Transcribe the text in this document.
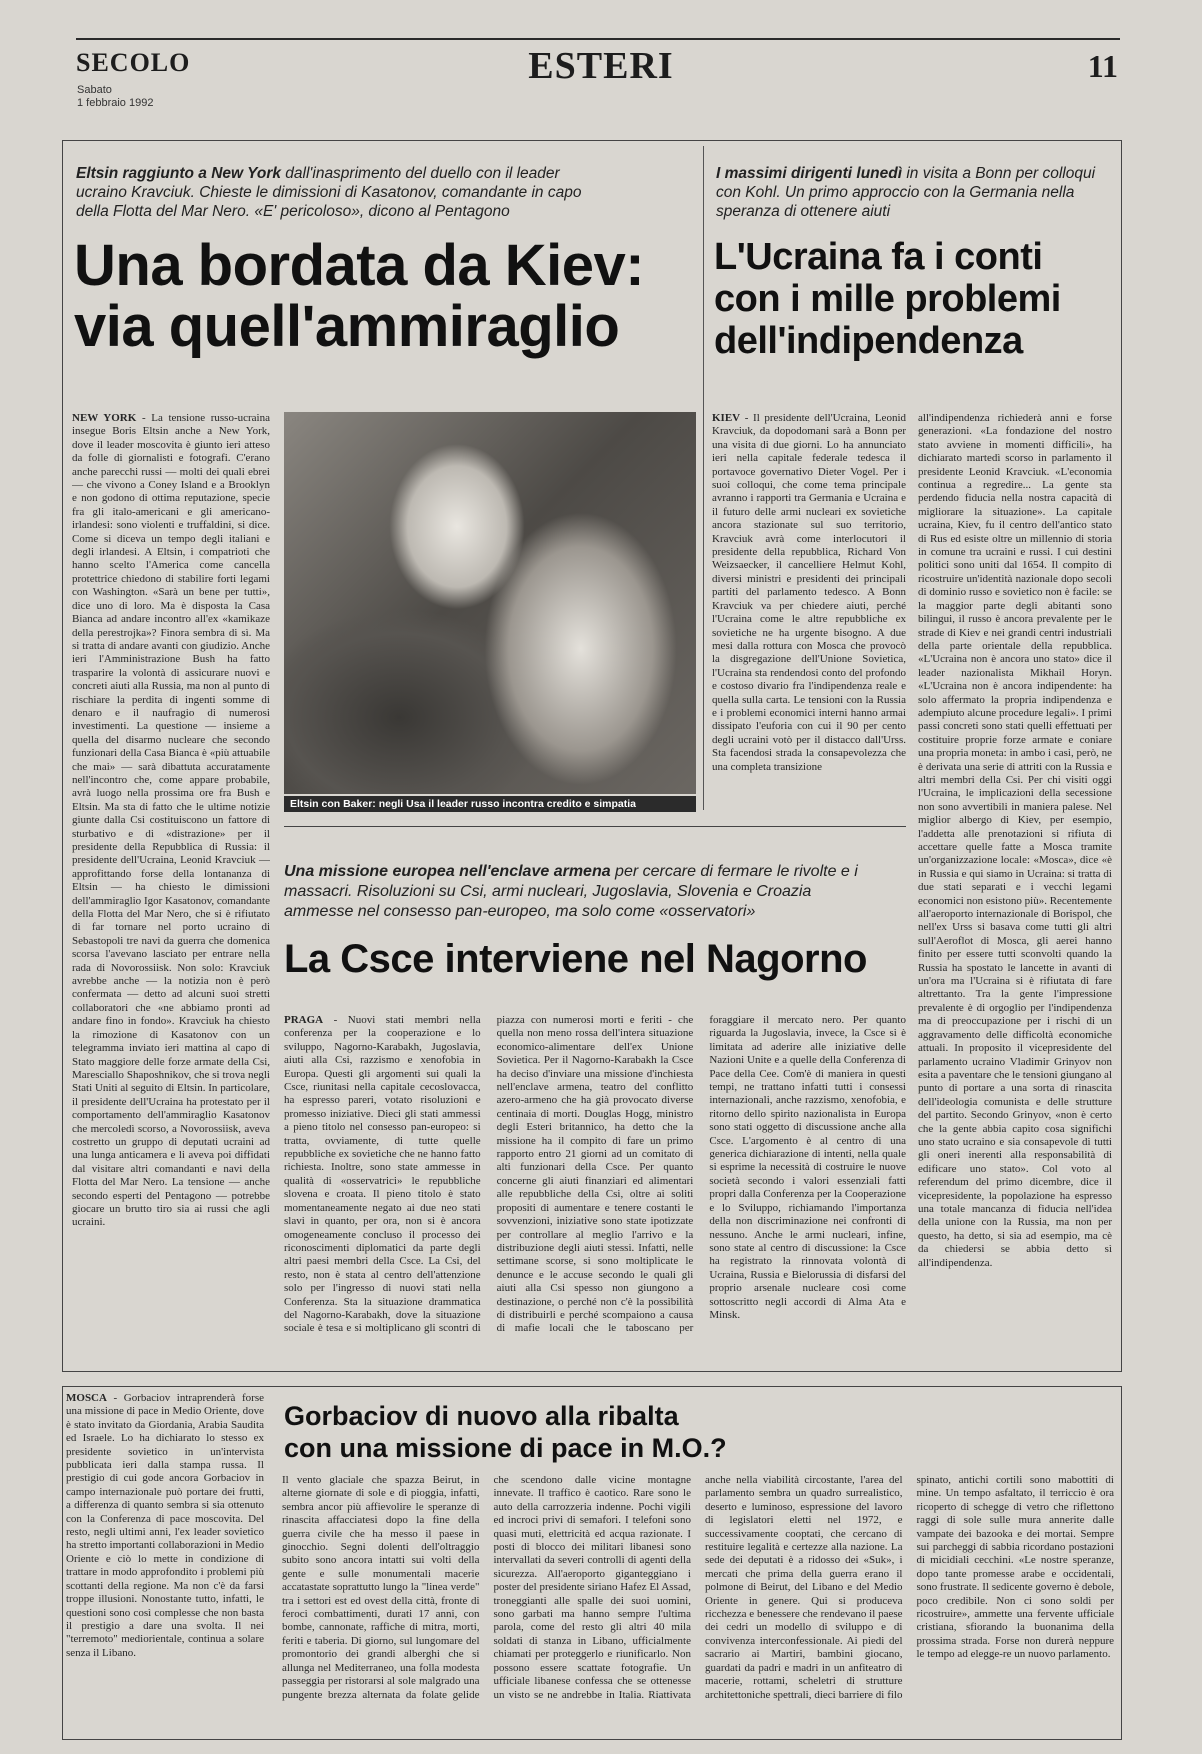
SECOLO
Sabato
1 febbraio 1992
ESTERI	11
Eltsin raggiunto a New York dall'inasprimento del duello con il leader ucraino Kravciuk. Chieste le dimissioni di Kasatonov, comandante in capo della Flotta del Mar Nero. «E' pericoloso», dicono al Pentagono
Una bordata da Kiev:
via quell'ammiraglio
NEW YORK - La tensione russo-ucraina insegue Boris Eltsin anche a New York, dove il leader moscovita è giunto ieri atteso da folle di giornalisti e fotografi. C'erano anche parecchi russi — molti dei quali ebrei — che vivono a Coney Island e a Brooklyn e non godono di ottima reputazione, specie fra gli italo-americani e gli americano-irlandesi: sono violenti e truffaldini, si dice. Come si diceva un tempo degli italiani e degli irlandesi. A Eltsin, i compatrioti che hanno scelto l'America come cancella protettrice chiedono di stabilire forti legami con Washington. «Sarà un bene per tutti», dice uno di loro. Ma è disposta la Casa Bianca ad andare incontro all'ex «kamikaze della perestrojka»? Finora sembra di sì. Ma si tratta di andare avanti con giudizio. Anche ieri l'Amministrazione Bush ha fatto trasparire la volontà di assicurare nuovi e concreti aiuti alla Russia, ma non al punto di rischiare la perdita di ingenti somme di denaro e il naufragio di numerosi investimenti. La questione — insieme a quella del disarmo nucleare che secondo funzionari della Casa Bianca è «più attuabile che mai» — sarà dibattuta accuratamente nell'incontro che, come appare probabile, avrà luogo nella prossima ore fra Bush e Eltsin. Ma sta di fatto che le ultime notizie giunte dalla Csi costituiscono un fattore di sturbativo e di «distrazione» per il presidente della Repubblica di Russia: il presidente dell'Ucraina, Leonid Kravciuk — approfittando forse della lontananza di Eltsin — ha chiesto le dimissioni dell'ammiraglio Igor Kasatonov, comandante della Flotta del Mar Nero, che si è rifiutato di far tornare nel porto ucraino di Sebastopoli tre navi da guerra che domenica scorsa l'avevano lasciato per entrare nella rada di Novorossiisk. Non solo: Kravciuk avrebbe anche — la notizia non è però confermata — detto ad alcuni suoi stretti collaboratori che «ne abbiamo pronti ad andare fino in fondo». Kravciuk ha chiesto la rimozione di Kasatonov con un telegramma inviato ieri mattina al capo di Stato maggiore delle forze armate della Csi, Maresciallo Shaposhnikov, che si trova negli Stati Uniti al seguito di Eltsin. In particolare, il presidente dell'Ucraina ha protestato per il comportamento dell'ammiraglio Kasatonov che mercoledì scorso, a Novorossiisk, aveva costretto un gruppo di deputati ucraini ad una lunga anticamera e li aveva poi diffidati dal visitare altri comandanti e navi della Flotta del Mar Nero. La tensione — anche secondo esperti del Pentagono — potrebbe giocare un brutto tiro sia ai russi che agli ucraini.
Eltsin con Baker: negli Usa il leader russo incontra credito e simpatia
I massimi dirigenti lunedì in visita a Bonn per colloqui con Kohl. Un primo approccio con la Germania nella speranza di ottenere aiuti
L'Ucraina fa i conti
con i mille problemi
dell'indipendenza
KIEV - Il presidente dell'Ucraina, Leonid Kravciuk, da dopodomani sarà a Bonn per una visita di due giorni. Lo ha annunciato ieri nella capitale federale tedesca il portavoce governativo Dieter Vogel. Per i suoi colloqui, che come tema principale avranno i rapporti tra Germania e Ucraina e il futuro delle armi nucleari ex sovietiche ancora stazionate sul suo territorio, Kravciuk avrà come interlocutori il presidente della repubblica, Richard Von Weizsaecker, il cancelliere Helmut Kohl, diversi ministri e presidenti dei principali partiti del parlamento tedesco. A Bonn Kravciuk va per chiedere aiuti, perché l'Ucraina come le altre repubbliche ex sovietiche ne ha urgente bisogno. A due mesi dalla rottura con Mosca che provocò la disgregazione dell'Unione Sovietica, l'Ucraina sta rendendosi conto del profondo e costoso divario fra l'indipendenza reale e quella sulla carta. Le tensioni con la Russia e i problemi economici interni hanno armai dissipato l'euforia con cui il 90 per cento degli ucraini votò per il distacco dall'Urss. Sta facendosi strada la consapevolezza che una completa transizione
all'indipendenza richiederà anni e forse generazioni. «La fondazione del nostro stato avviene in momenti difficili», ha dichiarato martedì scorso in parlamento il presidente Leonid Kravciuk. «L'economia continua a regredire... La gente sta perdendo fiducia nella nostra capacità di migliorare la situazione». La capitale ucraina, Kiev, fu il centro dell'antico stato di Rus ed esiste oltre un millennio di storia in comune tra ucraini e russi. I cui destini politici sono uniti dal 1654. Il compito di ricostruire un'identità nazionale dopo secoli di dominio russo e sovietico non è facile: se la maggior parte degli abitanti sono bilingui, il russo è ancora prevalente per le strade di Kiev e nei grandi centri industriali della parte orientale della repubblica. «L'Ucraina non è ancora uno stato» dice il leader nazionalista Mikhail Horyn. «L'Ucraina non è ancora indipendente: ha solo affermato la propria indipendenza e adempiuto alcune procedure legali». I primi passi concreti sono stati quelli effettuati per costituire proprie forze armate e coniare una propria moneta: in ambo i casi, però, ne è derivata una serie di attriti con la Russia e altri membri della Csi. Per chi visiti oggi l'Ucraina, le implicazioni della secessione non sono avvertibili in maniera palese. Nel miglior albergo di Kiev, per esempio, l'addetta alle prenotazioni si rifiuta di accettare quelle fatte a Mosca tramite un'organizzazione locale: «Mosca», dice «è in Russia e qui siamo in Ucraina: si tratta di due stati separati e i vecchi legami economici non esistono più». Recentemente all'aeroporto internazionale di Borispol, che nell'ex Urss si basava come tutti gli altri sull'Aeroflot di Mosca, gli aerei hanno finito per essere tutti sconvolti quando la Russia ha spostato le lancette in avanti di un'ora ma l'Ucraina si è rifiutata di fare altrettanto. Tra la gente l'impressione prevalente è di orgoglio per l'indipendenza ma di preoccupazione per i rischi di un aggravamento delle difficoltà economiche attuali. In proposito il vicepresidente del parlamento ucraino Vladimir Grinyov non esita a paventare che le tensioni giungano al punto di portare a una sorta di rinascita dell'ideologia comunista e delle strutture del partito. Secondo Grinyov, «non è certo che la gente abbia capito cosa significhi uno stato ucraino e sia consapevole di tutti gli oneri inerenti alla responsabilità di edificare uno stato». Col voto al referendum del primo dicembre, dice il vicepresidente, la popolazione ha espresso una totale mancanza di fiducia nell'idea della unione con la Russia, ma non per questo, ha detto, si sia ad esempio, ma cè da chiedersi se abbia detto sì all'indipendenza.
Una missione europea nell'enclave armena per cercare di fermare le rivolte e i massacri. Risoluzioni su Csi, armi nucleari, Jugoslavia, Slovenia e Croazia ammesse nel consesso pan-europeo, ma solo come «osservatori»
La Csce interviene nel Nagorno
PRAGA - Nuovi stati membri nella conferenza per la cooperazione e lo sviluppo, Nagorno-Karabakh, Jugoslavia, aiuti alla Csi, razzismo e xenofobia in Europa. Questi gli argomenti sui quali la Csce, riunitasi nella capitale cecoslovacca, ha espresso pareri, votato risoluzioni e promesso iniziative. Dieci gli stati ammessi a pieno titolo nel consesso pan-europeo: si tratta, ovviamente, di tutte quelle repubbliche ex sovietiche che ne hanno fatto richiesta. Inoltre, sono state ammesse in qualità di «osservatrici» le repubbliche slovena e croata. Il pieno titolo è stato momentaneamente negato ai due neo stati slavi in quanto, per ora, non si è ancora omogeneamente concluso il processo dei riconoscimenti diplomatici da parte degli altri paesi membri della Csce. La Csi, del resto, non è stata al centro dell'attenzione solo per l'ingresso di nuovi stati nella Conferenza. Sta la situazione drammatica del Nagorno-Karabakh, dove la situazione sociale è tesa e si moltiplicano gli scontri di piazza con numerosi morti e feriti - che quella non meno rossa dell'intera situazione economico-alimentare dell'ex Unione Sovietica. Per il Nagorno-Karabakh la Csce ha deciso d'inviare una missione d'inchiesta nell'enclave armena, teatro del conflitto azero-armeno che ha già provocato diverse centinaia di morti. Douglas Hogg, ministro degli Esteri britannico, ha detto che la missione ha il compito di fare un primo rapporto entro 21 giorni ad un comitato di alti funzionari della Csce. Per quanto concerne gli aiuti finanziari ed alimentari alle repubbliche della Csi, oltre ai soliti propositi di aumentare e tenere costanti le sovvenzioni, iniziative sono state ipotizzate per controllare al meglio l'arrivo e la distribuzione degli aiuti stessi. Infatti, nelle settimane scorse, si sono moltiplicate le denunce e le accuse secondo le quali gli aiuti alla Csi spesso non giungono a destinazione, o perché non c'è la possibilità di distribuirli e perché scompaiono a causa di mafie locali che le taboscano per foraggiare il mercato nero. Per quanto riguarda la Jugoslavia, invece, la Csce si è limitata ad aderire alle iniziative delle Nazioni Unite e a quelle della Conferenza di Pace della Cee. Com'è di maniera in questi tempi, ne trattano infatti tutti i consessi internazionali, anche razzismo, xenofobia, e ritorno dello spirito nazionalista in Europa sono stati oggetto di discussione anche alla Csce. L'argomento è al centro di una generica dichiarazione di intenti, nella quale si esprime la necessità di costruire le nuove società secondo i valori essenziali fatti propri dalla Conferenza per la Cooperazione e lo Sviluppo, richiamando l'importanza della non discriminazione nei confronti di nessuno. Anche le armi nucleari, infine, sono state al centro di discussione: la Csce ha registrato la rinnovata volontà di Ucraina, Russia e Bielorussia di disfarsi del proprio arsenale nucleare così come sottoscritto negli accordi di Alma Ata e Minsk.
MOSCA - Gorbaciov intraprenderà forse una missione di pace in Medio Oriente, dove è stato invitato da Giordania, Arabia Saudita ed Israele. Lo ha dichiarato lo stesso ex presidente sovietico in un'intervista pubblicata ieri dalla stampa russa. Il prestigio di cui gode ancora Gorbaciov in campo internazionale può portare dei frutti, a differenza di quanto sembra si sia ottenuto con la Conferenza di pace moscovita. Del resto, negli ultimi anni, l'ex leader sovietico ha stretto importanti collaborazioni in Medio Oriente e ciò lo mette in condizione di trattare in modo approfondito i problemi più scottanti della regione. Ma non c'è da farsi troppe illusioni. Nonostante tutto, infatti, le questioni sono così complesse che non basta il prestigio a dare una svolta. Il nei "terremoto" mediorientale, continua a solare senza il Libano.
Gorbaciov di nuovo alla ribalta
con una missione di pace in M.O.?
Il vento glaciale che spazza Beirut, in alterne giornate di sole e di pioggia, infatti, sembra ancor più affievolire le speranze di rinascita affacciatesi dopo la fine della guerra civile che ha messo il paese in ginocchio. Segni dolenti dell'oltraggio subito sono ancora intatti sui volti della gente e sulle monumentali macerie accatastate soprattutto lungo la "linea verde" tra i settori est ed ovest della città, fronte di feroci combattimenti, durati 17 anni, con bombe, cannonate, raffiche di mitra, morti, feriti e taberia. Di giorno, sul lungomare del promontorio dei grandi alberghi che si allunga nel Mediterraneo, una folla modesta passeggia per ristorarsi al sole malgrado una pungente brezza alternata da folate gelide che scendono dalle vicine montagne innevate. Il traffico è caotico. Rare sono le auto della carrozzeria indenne. Pochi vigili ed incroci privi di semafori. I telefoni sono quasi muti, elettricità ed acqua razionate. I posti di blocco dei militari libanesi sono intervallati da severi controlli di agenti della sicurezza. All'aeroporto giganteggiano i poster del presidente siriano Hafez El Assad, troneggianti alle spalle dei suoi uomini, sono garbati ma hanno sempre l'ultima parola, come del resto gli altri 40 mila soldati di stanza in Libano, ufficialmente chiamati per proteggerlo e riunificarlo. Non possono essere scattate fotografie. Un ufficiale libanese confessa che se ottenesse un visto se ne andrebbe in Italia. Riattivata anche nella viabilità circostante, l'area del parlamento sembra un quadro surrealistico, deserto e luminoso, espressione del lavoro di legislatori eletti nel 1972, e successivamente cooptati, che cercano di restituire legalità e certezze alla nazione. La sede dei deputati è a ridosso dei «Suk», i mercati che prima della guerra erano il polmone di Beirut, del Libano e del Medio Oriente in genere. Qui si produceva ricchezza e benessere che rendevano il paese dei cedri un modello di sviluppo e di convivenza interconfessionale. Ai piedi del sacrario ai Martiri, bambini giocano, guardati da padri e madri in un anfiteatro di macerie, rottami, scheletri di strutture architettoniche spettrali, dieci barriere di filo spinato, antichi cortili sono mabottiti di mine. Un tempo asfaltato, il terriccio è ora ricoperto di schegge di vetro che riflettono raggi di sole sulle mura annerite dalle vampate dei bazooka e dei mortai. Sempre sui parcheggi di sabbia ricordano postazioni di micidiali cecchini. «Le nostre speranze, dopo tante promesse arabe e occidentali, sono frustrate. Il sedicente governo è debole, poco credibile. Non ci sono soldi per ricostruire», ammette una fervente ufficiale cristiana, sfiorando la buonanima della prossima strada. Forse non durerà neppure le tempo ad elegge-re un nuovo parlamento.
